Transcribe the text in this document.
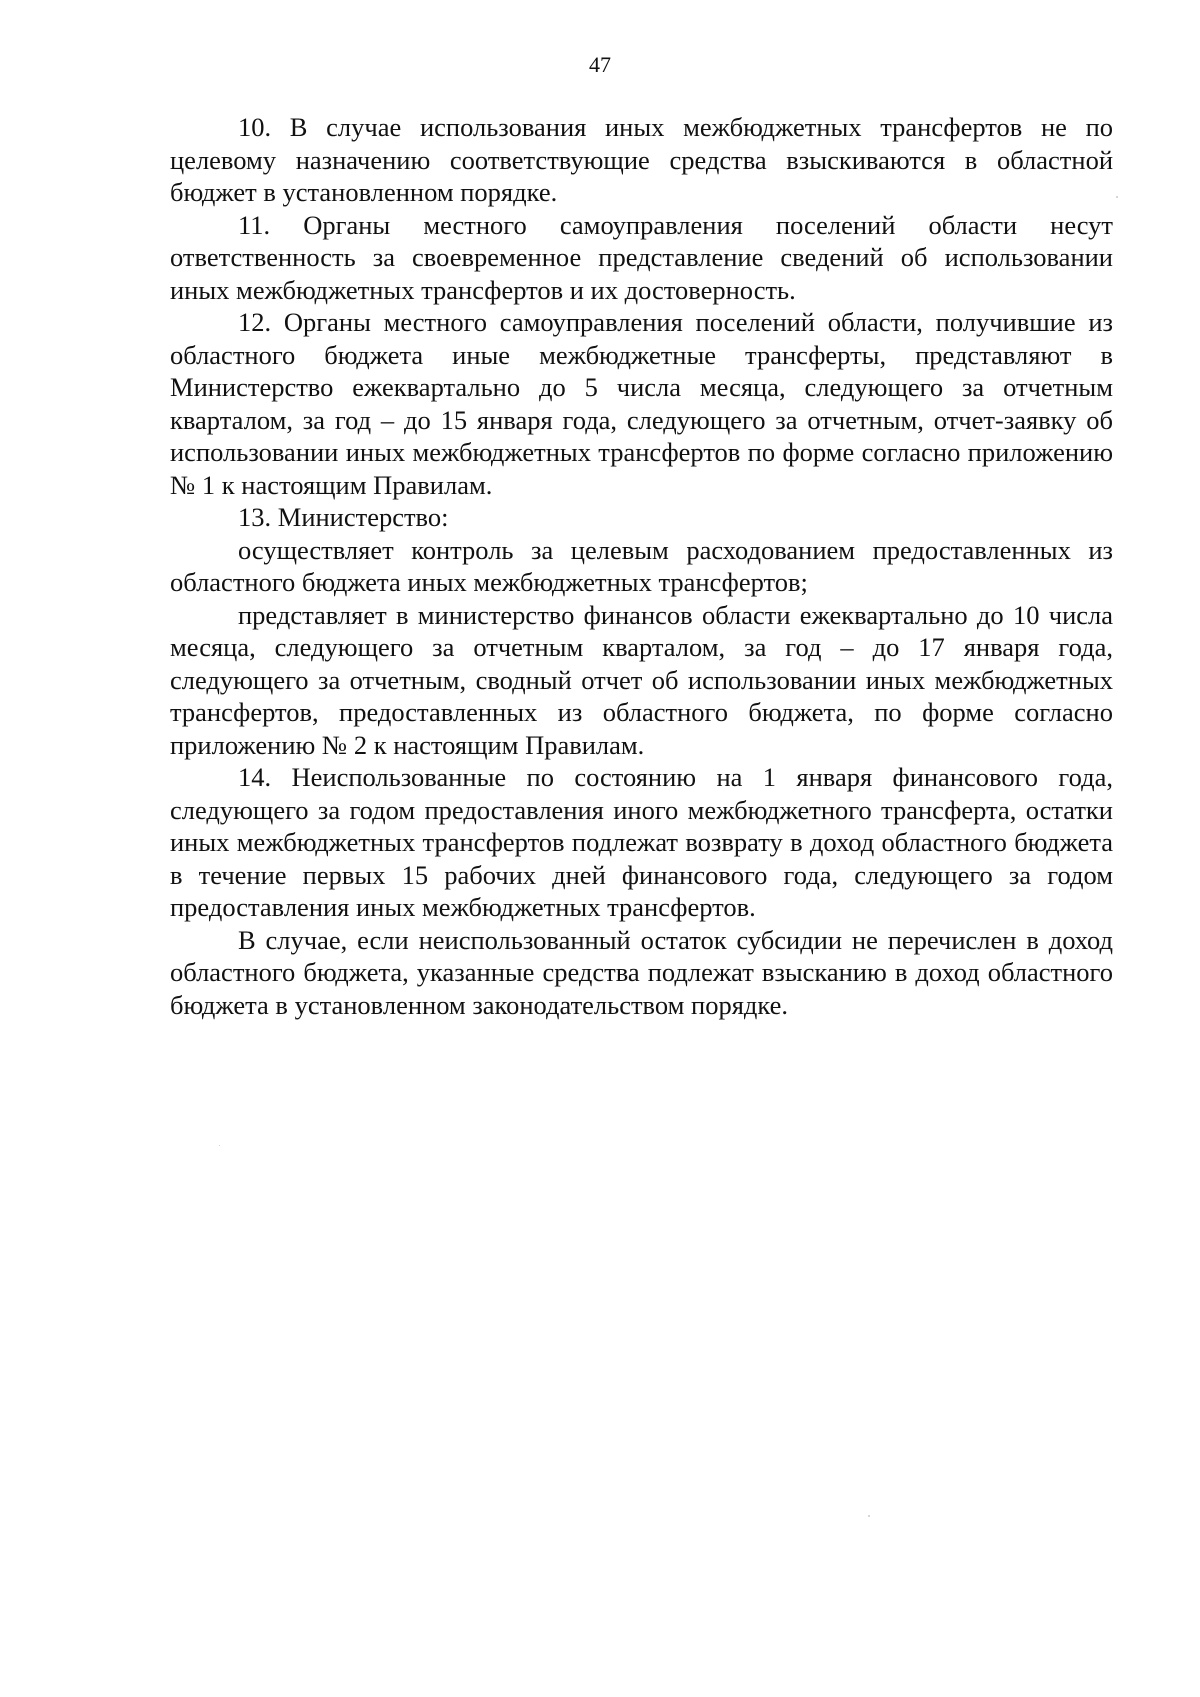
47

10. В случае использования иных межбюджетных трансфертов не по целевому назначению соответствующие средства взыскиваются в областной бюджет в установленном порядке.

11. Органы местного самоуправления поселений области несут ответственность за своевременное представление сведений об использовании иных межбюджетных трансфертов и их достоверность.

12. Органы местного самоуправления поселений области, получившие из областного бюджета иные межбюджетные трансферты, представляют в Министерство ежеквартально до 5 числа месяца, следующего за отчетным кварталом, за год – до 15 января года, следующего за отчетным, отчет-заявку об использовании иных межбюджетных трансфертов по форме согласно приложению № 1 к настоящим Правилам.

13. Министерство:

осуществляет контроль за целевым расходованием предоставленных из областного бюджета иных межбюджетных трансфертов;

представляет в министерство финансов области ежеквартально до 10 числа месяца, следующего за отчетным кварталом, за год – до 17 января года, следующего за отчетным, сводный отчет об использовании иных межбюджетных трансфертов, предоставленных из областного бюджета, по форме согласно приложению № 2 к настоящим Правилам.

14. Неиспользованные по состоянию на 1 января финансового года, следующего за годом предоставления иного межбюджетного трансферта, остатки иных межбюджетных трансфертов подлежат возврату в доход областного бюджета в течение первых 15 рабочих дней финансового года, следующего за годом предоставления иных межбюджетных трансфертов.

В случае, если неиспользованный остаток субсидии не перечислен в доход областного бюджета, указанные средства подлежат взысканию в доход областного бюджета в установленном законодательством порядке.
